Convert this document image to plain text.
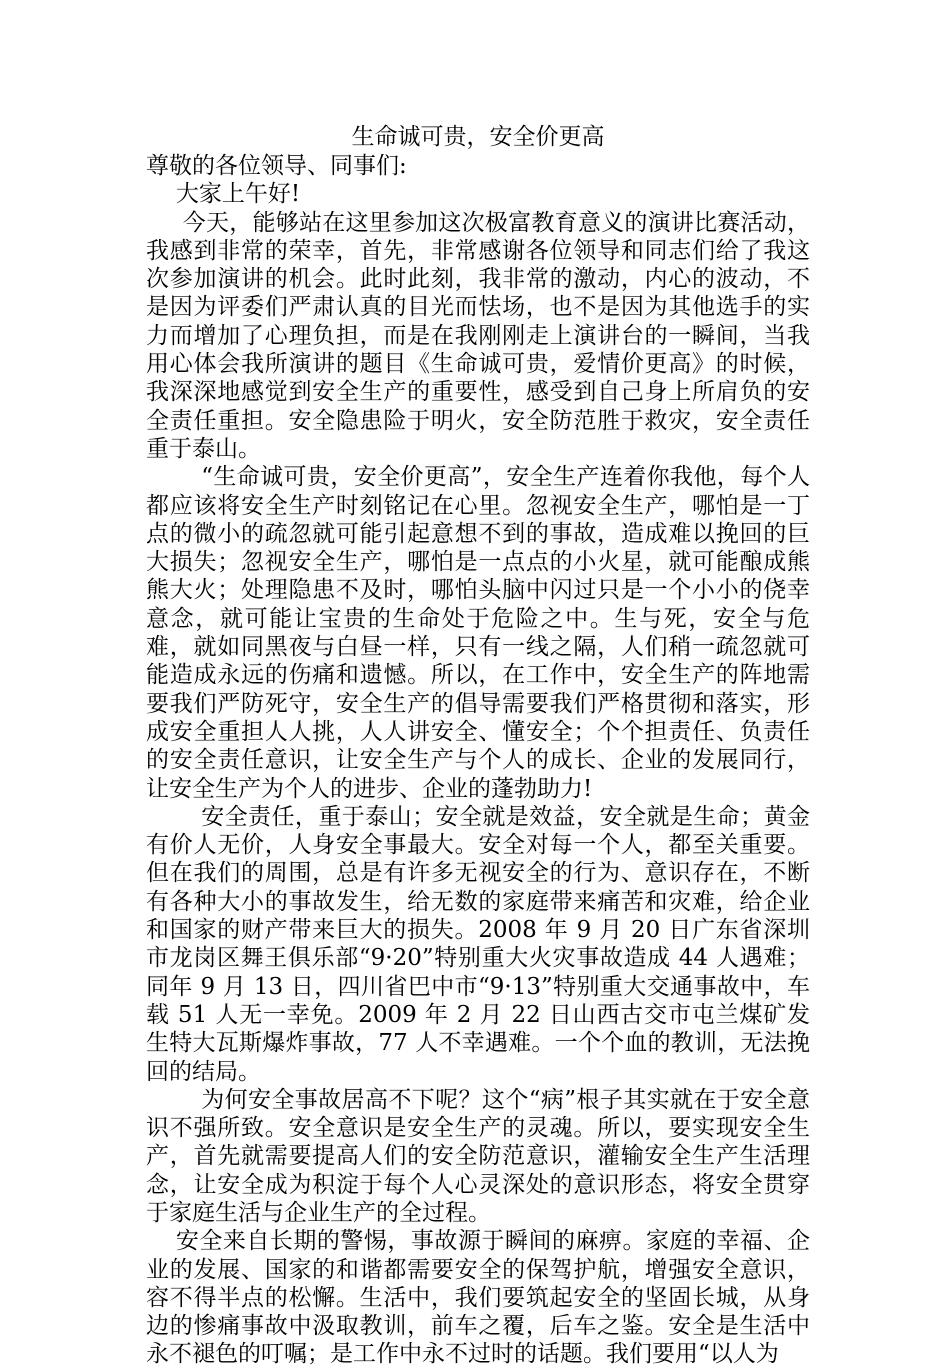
生命诚可贵，安全价更高
尊敬的各位领导、同事们:

大家上午好!

今天，能够站在这里参加这次极富教育意义的演讲比赛活动，我感到非常的荣幸，首先，非常感谢各位领导和同志们给了我这次参加演讲的机会。此时此刻，我非常的激动，内心的波动，不是因为评委们严肃认真的目光而怯场，也不是因为其他选手的实力而增加了心理负担，而是在我刚刚走上演讲台的一瞬间，当我用心体会我所演讲的题目《生命诚可贵，爱情价更高》的时候，我深深地感觉到安全生产的重要性，感受到自己身上所肩负的安全责任重担。安全隐患险于明火，安全防范胜于救灾，安全责任重于泰山。

“生命诚可贵，安全价更高”，安全生产连着你我他，每个人都应该将安全生产时刻铭记在心里。忽视安全生产，哪怕是一丁点的微小的疏忽就可能引起意想不到的事故，造成难以挽回的巨大损失；忽视安全生产，哪怕是一点点的小火星，就可能酿成熊熊大火；处理隐患不及时，哪怕头脑中闪过只是一个小小的侥幸意念，就可能让宝贵的生命处于危险之中。生与死，安全与危难，就如同黑夜与白昼一样，只有一线之隔，人们稍一疏忽就可能造成永远的伤痛和遗憾。所以，在工作中，安全生产的阵地需要我们严防死守，安全生产的倡导需要我们严格贯彻和落实，形成安全重担人人挑，人人讲安全、懂安全；个个担责任、负责任的安全责任意识，让安全生产与个人的成长、企业的发展同行，让安全生产为个人的进步、企业的蓬勃助力!

安全责任，重于泰山；安全就是效益，安全就是生命；黄金有价人无价，人身安全事最大。安全对每一个人，都至关重要。但在我们的周围，总是有许多无视安全的行为、意识存在，不断有各种大小的事故发生，给无数的家庭带来痛苦和灾难，给企业和国家的财产带来巨大的损失。2008 年 9 月 20 日广东省深圳市龙岗区舞王俱乐部“9·20”特别重大火灾事故造成 44 人遇难；同年 9 月 13 日，四川省巴中市“9·13”特别重大交通事故中，车载 51 人无一幸免。2009 年 2 月 22 日山西古交市屯兰煤矿发生特大瓦斯爆炸事故，77 人不幸遇难。一个个血的教训，无法挽回的结局。

为何安全事故居高不下呢？这个“病”根子其实就在于安全意识不强所致。安全意识是安全生产的灵魂。所以，要实现安全生产，首先就需要提高人们的安全防范意识，灌输安全生产生活理念，让安全成为积淀于每个人心灵深处的意识形态，将安全贯穿于家庭生活与企业生产的全过程。

安全来自长期的警惕，事故源于瞬间的麻痹。家庭的幸福、企业的发展、国家的和谐都需要安全的保驾护航，增强安全意识，容不得半点的松懈。生活中，我们要筑起安全的坚固长城，从身边的惨痛事故中汲取教训，前车之覆，后车之鉴。安全是生活中永不褪色的叮嘱；是工作中永不过时的话题。我们要用“以人为
